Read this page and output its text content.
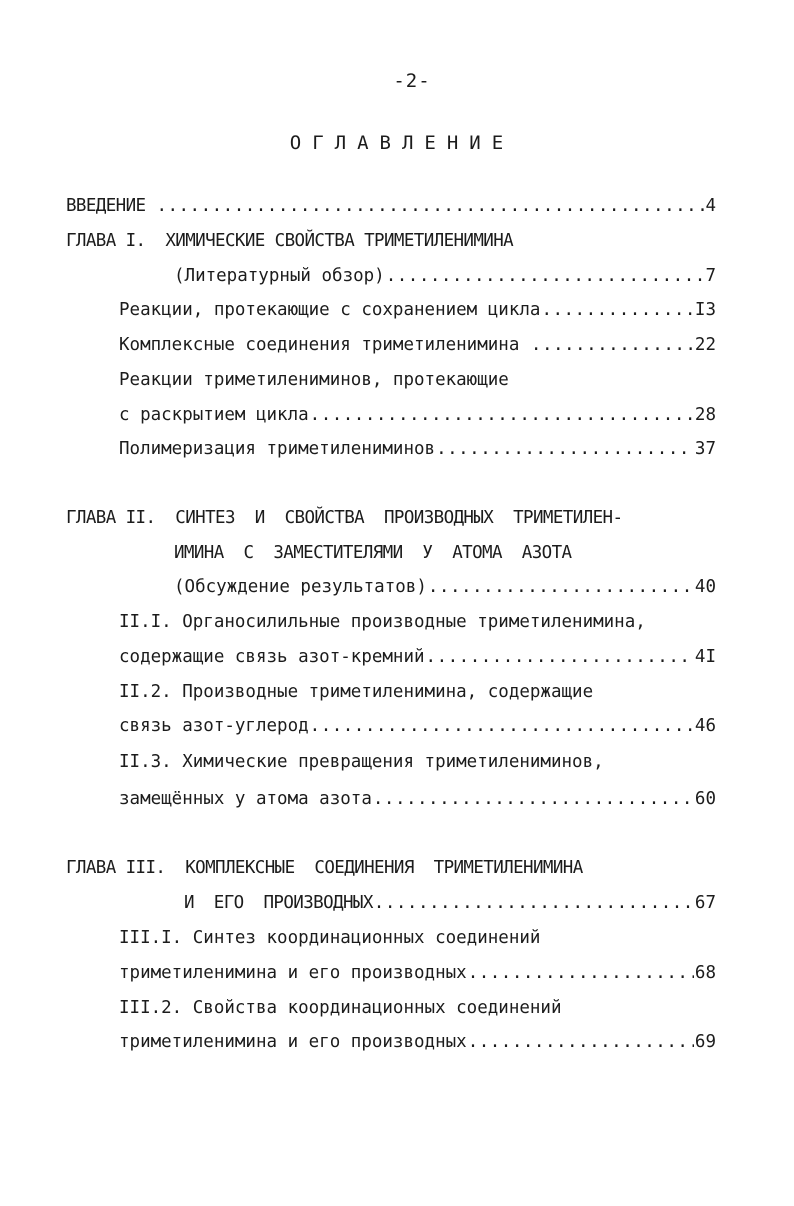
-2-
ОГЛАВЛЕНИЕ
ВВЕДЕНИЕ .....	4
ГЛАВА I.  ХИМИЧЕСКИЕ СВОЙСТВА ТРИМЕТИЛЕНИМИНА
(Литературный обзор) .....	7
Реакции, протекающие с сохранением цикла .....	I3
Комплексные соединения триметиленимина .....	22
Реакции триметилениминов, протекающие
с раскрытием цикла .....	28
Полимеризация триметилениминов .....	37
ГЛАВА II.  СИНТЕЗ  И  СВОЙСТВА  ПРОИЗВОДНЫХ  ТРИМЕТИЛЕН-
ИМИНА  С  ЗАМЕСТИТЕЛЯМИ  У  АТОМА  АЗОТА
(Обсуждение результатов) .....	40
II.I. Органосилильные производные триметиленимина,
содержащие связь азот-кремний .....	4I
II.2. Производные триметиленимина, содержащие
связь азот-углерод .....	46
II.3. Химические превращения триметилениминов,
замещённых у атома азота .....	60
ГЛАВА III.  КОМПЛЕКСНЫЕ  СОЕДИНЕНИЯ  ТРИМЕТИЛЕНИМИНА
И  ЕГО  ПРОИЗВОДНЫХ .....	67
III.I. Синтез координационных соединений
триметиленимина и его производных .....	68
III.2. Свойства координационных соединений
триметиленимина и его производных .....	69
